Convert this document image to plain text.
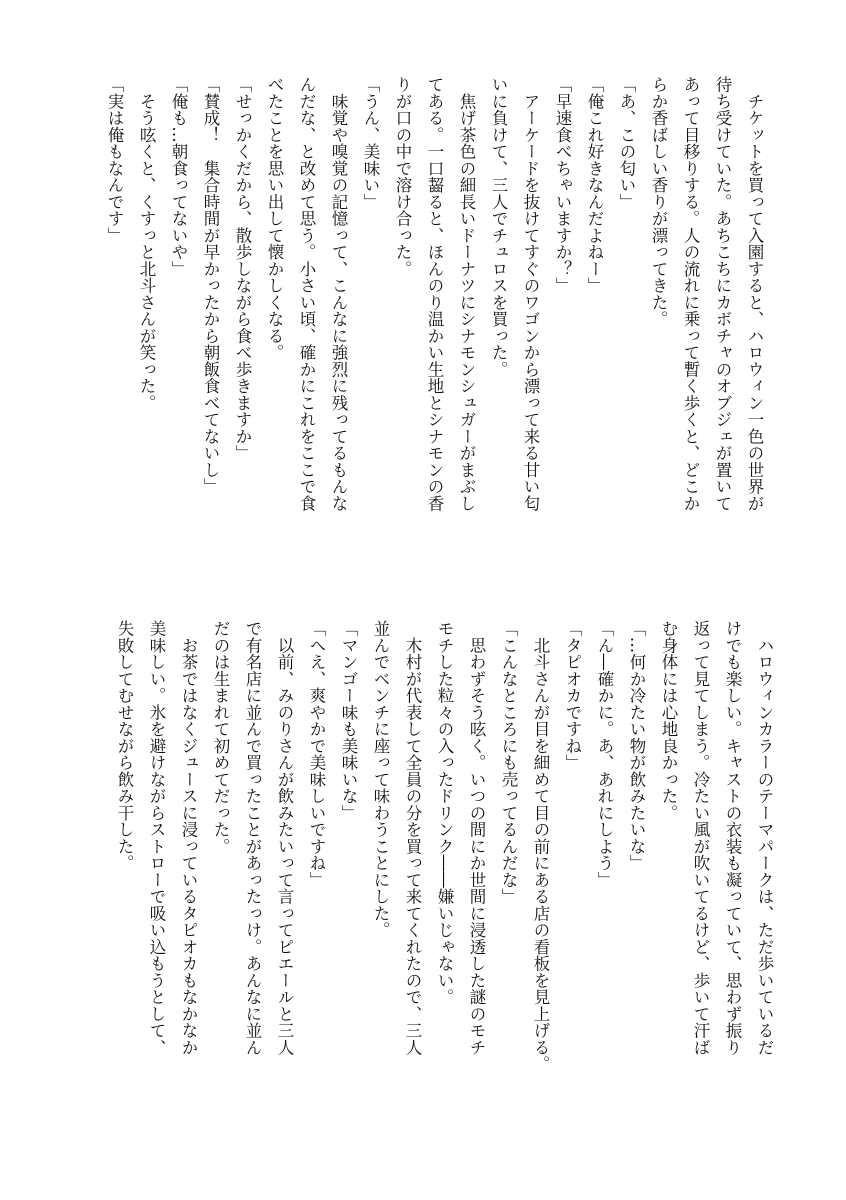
　チケットを買って入園すると、ハロウィン一色の世界が
待ち受けていた。あちこちにカボチャのオブジェが置いて
あって目移りする。人の流れに乗って暫く歩くと、どこか
らか香ばしい香りが漂ってきた。
「あ、この匂い」
「俺これ好きなんだよねー」
「早速食べちゃいますか？」
　アーケードを抜けてすぐのワゴンから漂って来る甘い匂
いに負けて、三人でチュロスを買った。
　焦げ茶色の細長いドーナツにシナモンシュガーがまぶし
てある。一口齧ると、ほんのり温かい生地とシナモンの香
りが口の中で溶け合った。
「うん、美味い」
　味覚や嗅覚の記憶って、こんなに強烈に残ってるもんな
んだな、と改めて思う。小さい頃、確かにこれをここで食
べたことを思い出して懐かしくなる。
「せっかくだから、散歩しながら食べ歩きますか」
「賛成！　集合時間が早かったから朝飯食べてないし」
「俺も…朝食ってないや」
　そう呟くと、くすっと北斗さんが笑った。
「実は俺もなんです」
　ハロウィンカラーのテーマパークは、ただ歩いているだ
けでも楽しい。キャストの衣装も凝っていて、思わず振り
返って見てしまう。冷たい風が吹いてるけど、歩いて汗ば
む身体には心地良かった。
「…何か冷たい物が飲みたいな」
「ん―確かに。あ、あれにしよう」
「タピオカですね」
　北斗さんが目を細めて目の前にある店の看板を見上げる。
「こんなところにも売ってるんだな」
　思わずそう呟く。いつの間にか世間に浸透した謎のモチ
モチした粒々の入ったドリンク――嫌いじゃない。
　木村が代表して全員の分を買って来てくれたので、三人
並んでベンチに座って味わうことにした。
「マンゴー味も美味いな」
「へえ、爽やかで美味しいですね」
　以前、みのりさんが飲みたいって言ってピエールと三人
で有名店に並んで買ったことがあったっけ。あんなに並ん
だのは生まれて初めてだった。
　お茶ではなくジュースに浸っているタピオカもなかなか
美味しい。氷を避けながらストローで吸い込もうとして、
失敗してむせながら飲み干した。
